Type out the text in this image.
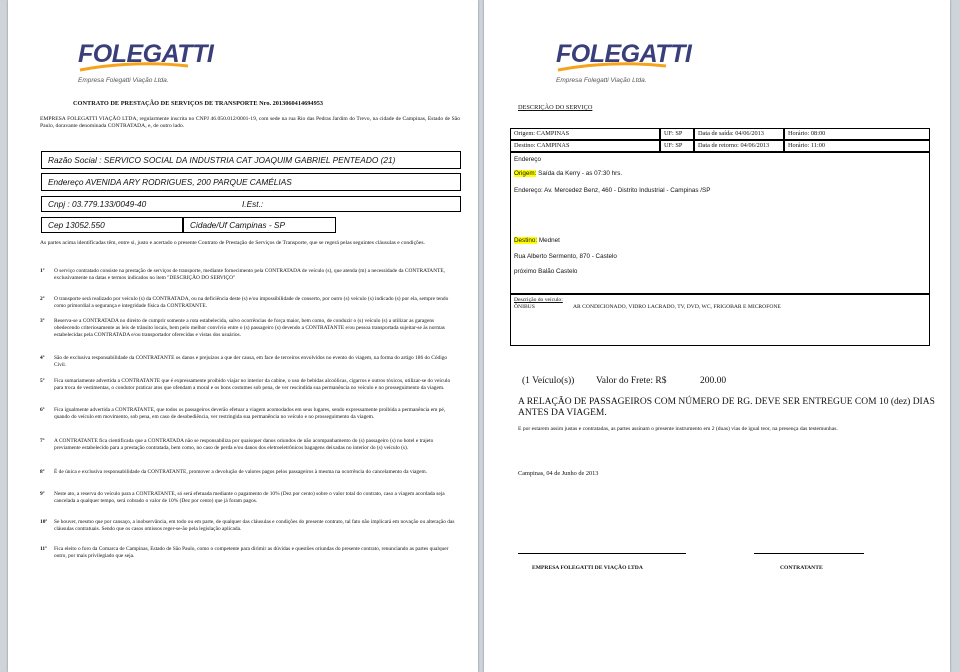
FOLEGATTI
Empresa Folegatti Viação Ltda.
CONTRATO DE PRESTAÇÃO DE SERVIÇOS DE TRANSPORTE Nro. 2013060414694953
EMPRESA FOLEGATTI VIAÇÃO LTDA, regularmente inscrita no CNPJ 46.050.012/0001-19, com sede na rua Rio das Pedras Jardim do Trevo, na cidade de Campinas, Estado de São Paulo, doravante denominada CONTRATADA, e, de outro lado.
Razão Social : SERVICO SOCIAL DA INDUSTRIA CAT JOAQUIM GABRIEL PENTEADO (21)
Endereço AVENIDA ARY RODRIGUES, 200 PARQUE CAMÉLIAS
Cnpj : 03.779.133/0049-40	I.Est.:
Cep 13052.550	Cidade/Uf Campinas - SP
As partes acima identificadas têm, entre si, justo e acertado o presente Contrato de Prestação de Serviços de Transporte, que se regerá pelas seguintes cláusulas e condições.
1º O serviço contratado consiste na prestação de serviços de transporte, mediante fornecimento pela CONTRATADA de veículo (s), que atenda (m) a necessidade da CONTRATANTE, exclusivamente na datas e termos indicados no item "DESCRIÇÃO DO SERVIÇO"
2º O transporte será realizado por veículo (s) da CONTRATADA, ou na deficiência deste (s) e/ou impossibilidade de conserto, por outro (s) veículo (s) indicado (s) por ela, sempre tendo como primordial a segurança e integridade física da CONTRATANTE.
3º Reserva-se a CONTRATADA no direito de cumprir somente a rota estabelecida, salvo ocorrências de força maior, bem como, de conduzir o (s) veículo (s) a utilizar as garagens obedecendo criteriosamente as leis de trânsito locais, bem pelo melhor convívio entre o (s) passageiro (s) devendo a CONTRATANTE e/ou pessoa transportada sujeitar-se às normas estabelecidas pela CONTRATADA e/ou transportador oferecidas e vistas dos usuários.
4º São de exclusiva responsabilidade da CONTRATANTE os danos e prejuízos a que der causa, em face de terceiros envolvidos no evento do viagem, na forma do artigo 186 do Código Civil.
5º Fica sumariamente advertida a CONTRATANTE que é expressamente proibido viajar no interior da cabine, o uso de bebidas alcoólicas, cigarros e outros tóxicos, utilizar-se do veículo para troca de vestimentas, o condutor praticar atos que ofendam a moral e os bons costumes sob pena, de ver rescindida sua permanência no veículo e no prosseguimento da viagem.
6º Fica igualmente advertida a CONTRATANTE, que todos os passageiros deverão efetuar a viagem acomodados em seus lugares, sendo expressamente proibida a permanência em pé, quando do veículo em movimento, sob pena, em caso de desobediência, ver restringida sua permanência no veículo e no prosseguimento da viagem.
7º A CONTRATANTE fica cientificada que a CONTRATADA não se responsabiliza por quaisquer danos oriundos de não acompanhamento do (s) passageiro (s) no hotel e trajeto previamente estabelecido para a prestação contratada, bem como, no caso de perda e/ou danos dos eletroeletrônicos bagagens deixadas no interior do (s) veículo (s).
8º É de única e exclusiva responsabilidade da CONTRATANTE, promover a devolução de valores pagos pelos passageiros à mesma na ocorrência do cancelamento da viagem.
9º Neste ato, a reserva do veículo para a CONTRATANTE, só será efetuada mediante o pagamento de 10% (Dez por cento) sobre o valor total do contrato, caso a viagem acordada seja cancelada a qualquer tempo, será cobrado o valor de 10% (Dez por cento) que já foram pagos.
10º Se houver, mesmo que por cansaço, a inobservância, em todo ou em parte, de qualquer das cláusulas e condições do presente contrato, tal fato não implicará em novação ou alteração das cláusulas contratuais. Sendo que os casos omissos reger-se-ão pela legislação aplicada.
11º Fica eleito o foro da Comarca de Campinas, Estado de São Paulo, como o competente para dirimir as dúvidas e questões oriundas do presente contrato, renunciando as partes qualquer outro, por mais privilegiado que seja.
FOLEGATTI
Empresa Folegatti Viação Ltda.
DESCRIÇÃO DO SERVIÇO
Origem: CAMPINAS	UF: SP	Data de saída: 04/06/2013	Horário: 08:00
Destino: CAMPINAS	UF: SP	Data de retorno: 04/06/2013	Horário: 11:00
Endereço
Origem: Saída da Kerry - as 07:30 hrs.
Endereço: Av. Mercedez Benz, 460 - Distrito Industrial - Campinas /SP
Destino: Mednet
Rua Alberto Sermento, 870 - Castelo
próximo Balão Castelo
Descrição do veículo:
ÔNIBUS	AR CONDICIONADO, VIDRO LACRADO, TV, DVD, WC, FRIGOBAR E MICROFONE
(1 Veículo(s)) Valor do Frete: R$	200.00
A RELAÇÃO DE PASSAGEIROS COM NÚMERO DE RG. DEVE SER ENTREGUE COM 10 (dez) DIAS ANTES DA VIAGEM.
E por estarem assim justas e contratadas, as partes assinam o presente instrumento em 2 (duas) vias de igual teor, na presença das testemunhas.
Campinas, 04 de Junho de 2013
EMPRESA FOLEGATTI DE VIAÇÃO LTDA	CONTRATANTE
